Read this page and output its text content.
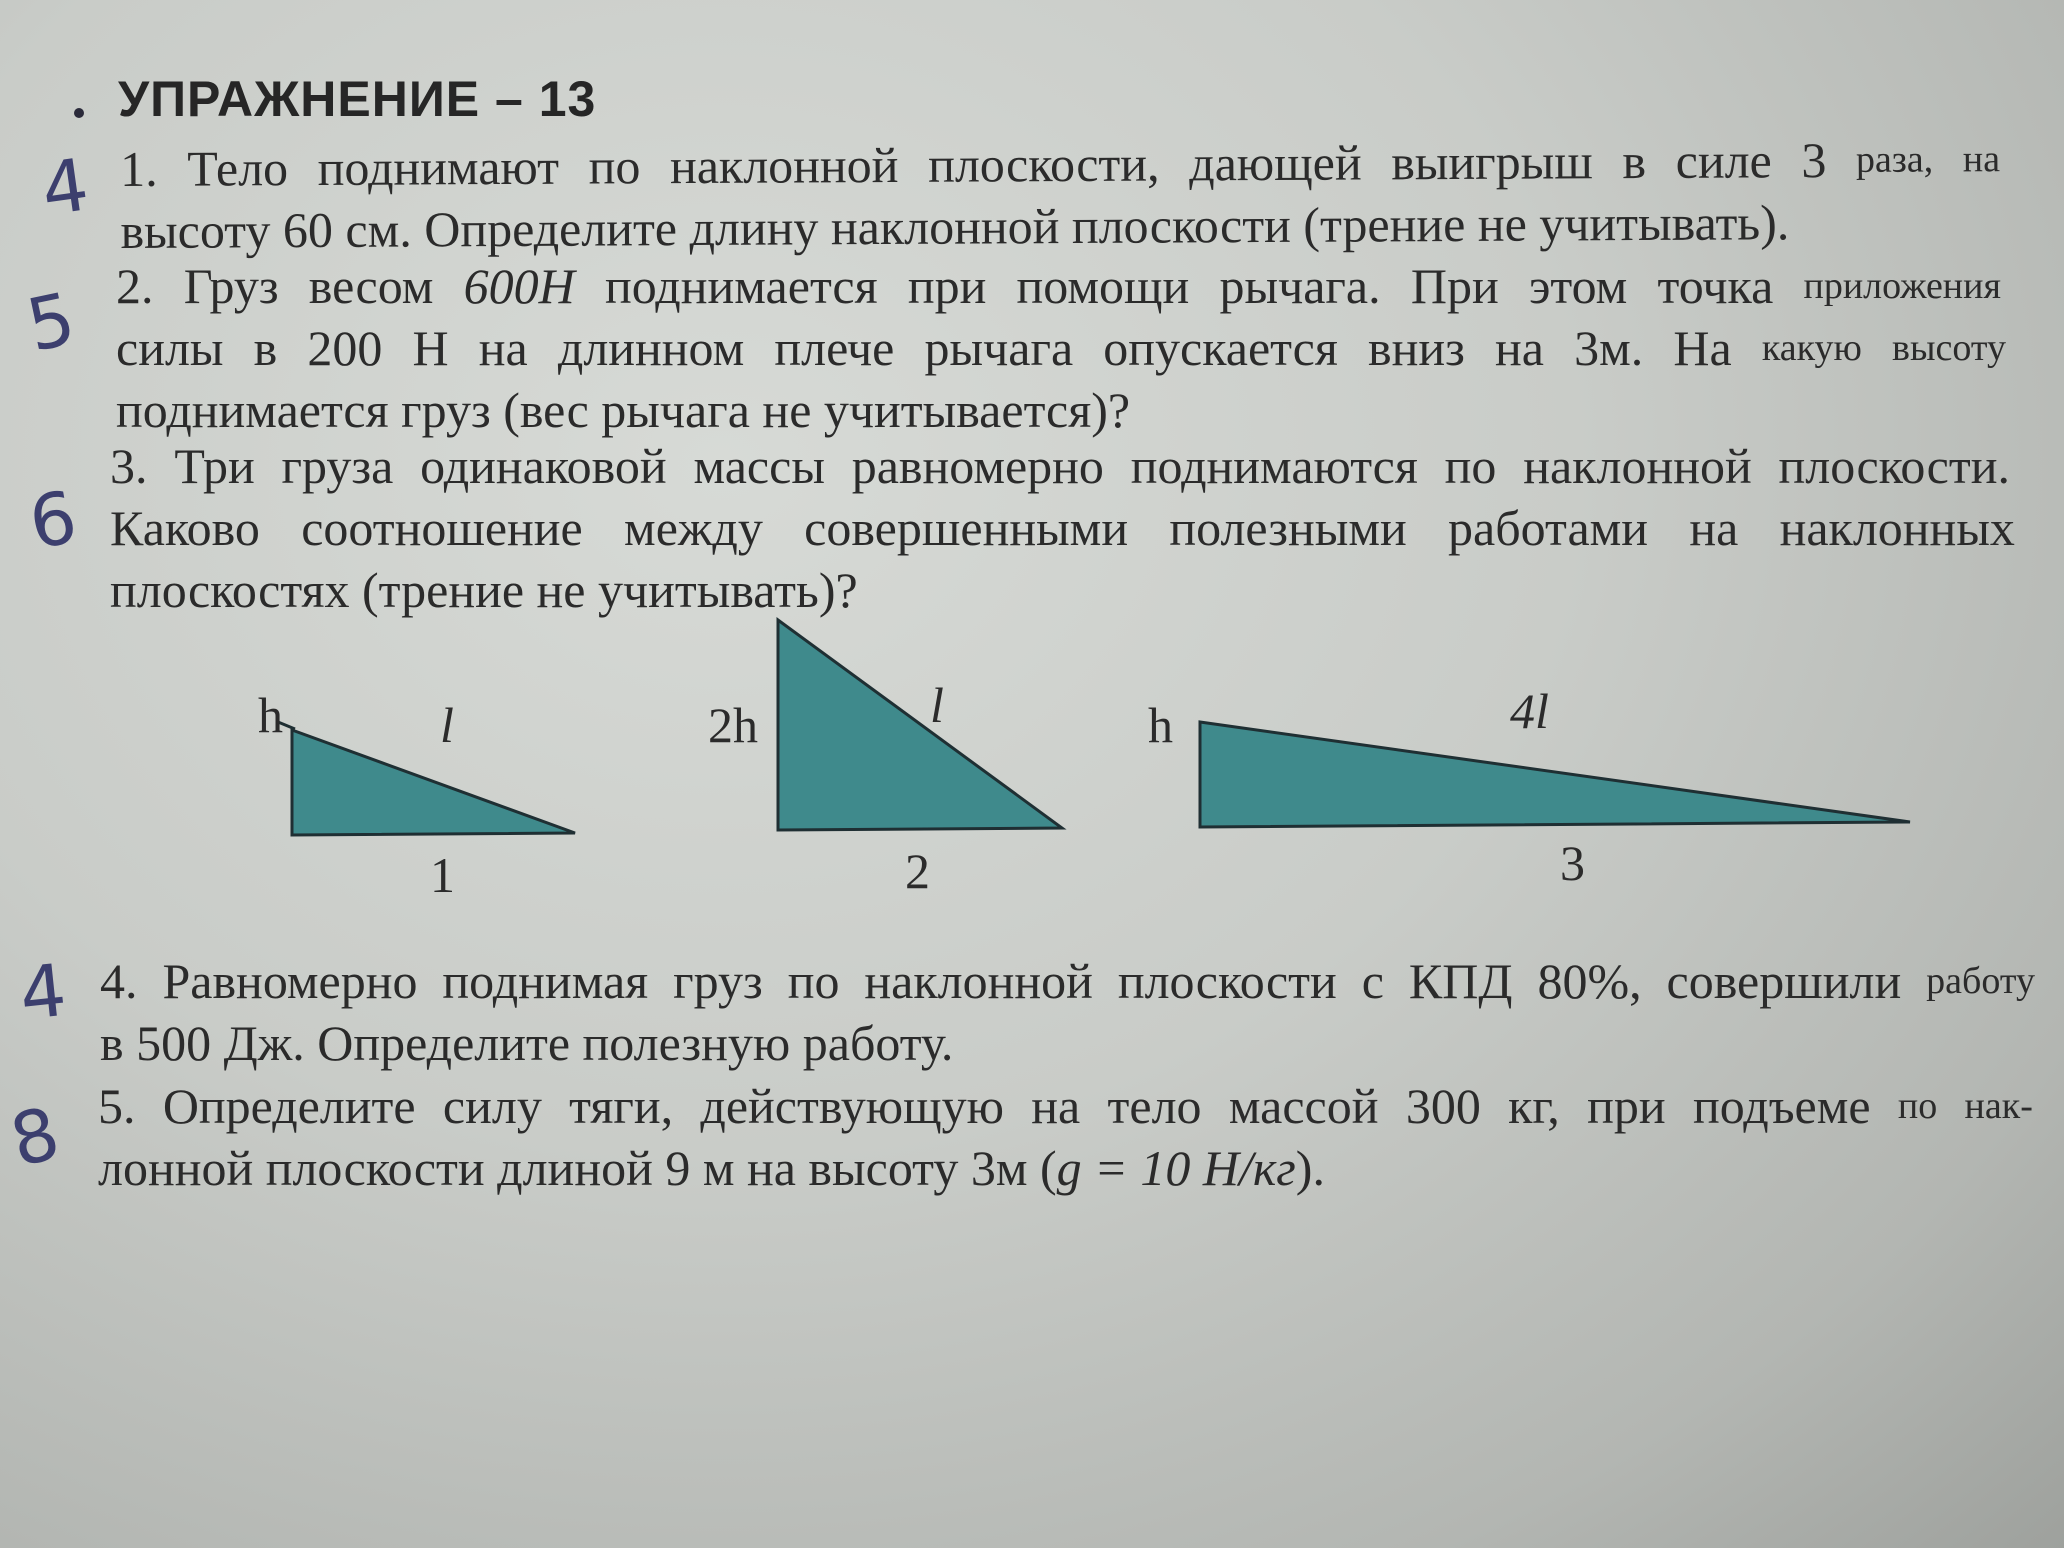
УПРАЖНЕНИЕ – 13
4
5
6
4
8
1. Тело поднимают по наклонной плоскости, дающей выигрыш в силе 3 раза, на
высоту 60 см. Определите длину наклонной плоскости (трение не учитывать).
2. Груз весом 600Н поднимается при помощи рычага. При этом точка приложения
силы в 200 Н на длинном плече рычага опускается вниз на 3м. На какую высоту
поднимается груз (вес рычага не учитывается)?
3. Три груза одинаковой массы равномерно поднимаются по наклонной плоскости.
Каково соотношение между совершенными полезными работами на наклонных
плоскостях (трение не учитывать)?
h	l
1
2h	l
2
h	4l
3
4. Равномерно поднимая груз по наклонной плоскости с КПД 80%, совершили работу
в 500 Дж. Определите полезную работу.
5. Определите силу тяги, действующую на тело массой 300 кг, при подъеме по нак-
лонной плоскости длиной 9 м на высоту 3м (g = 10 Н/кг).
